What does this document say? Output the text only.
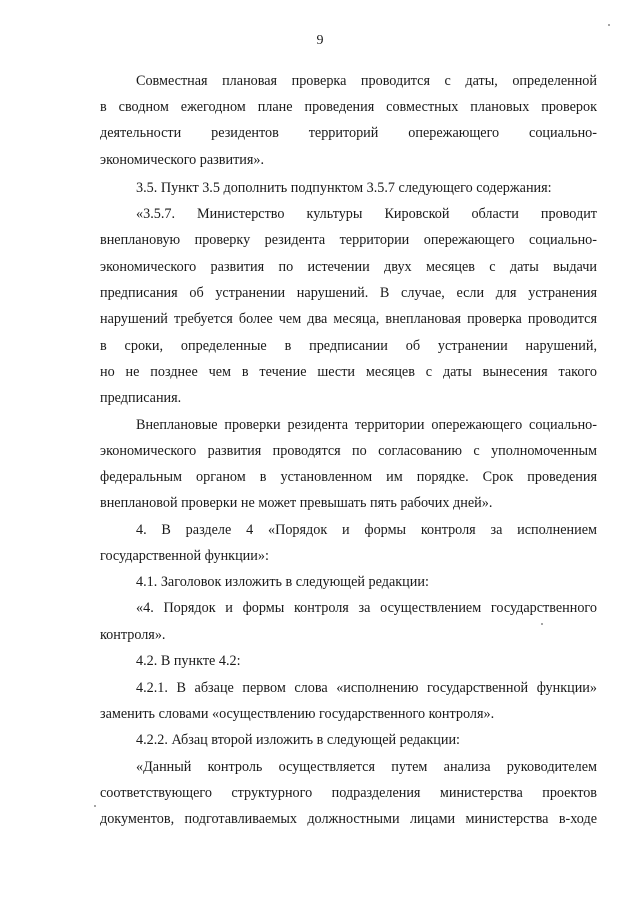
9
Совместная плановая проверка проводится с даты, определенной
в сводном ежегодном плане проведения совместных плановых проверок
деятельности резидентов территорий опережающего социально-
экономического развития».
3.5. Пункт 3.5 дополнить подпунктом 3.5.7 следующего содержания:
«3.5.7. Министерство культуры Кировской области проводит
внеплановую проверку резидента территории опережающего социально-
экономического развития по истечении двух месяцев с даты выдачи
предписания об устранении нарушений. В случае, если для устранения
нарушений требуется более чем два месяца, внеплановая проверка проводится
в сроки, определенные в предписании об устранении нарушений,
но не позднее чем в течение шести месяцев с даты вынесения такого
предписания.
Внеплановые проверки резидента территории опережающего социально-
экономического развития проводятся по согласованию с уполномоченным
федеральным органом в установленном им порядке. Срок проведения
внеплановой проверки не может превышать пять рабочих дней».
4. В разделе 4 «Порядок и формы контроля за исполнением
государственной функции»:
4.1. Заголовок изложить в следующей редакции:
«4. Порядок и формы контроля за осуществлением государственного
контроля».
4.2. В пункте 4.2:
4.2.1. В абзаце первом слова «исполнению государственной функции»
заменить словами «осуществлению государственного контроля».
4.2.2. Абзац второй изложить в следующей редакции:
«Данный контроль осуществляется путем анализа руководителем
соответствующего структурного подразделения министерства проектов
документов, подготавливаемых должностными лицами министерства в-ходе
